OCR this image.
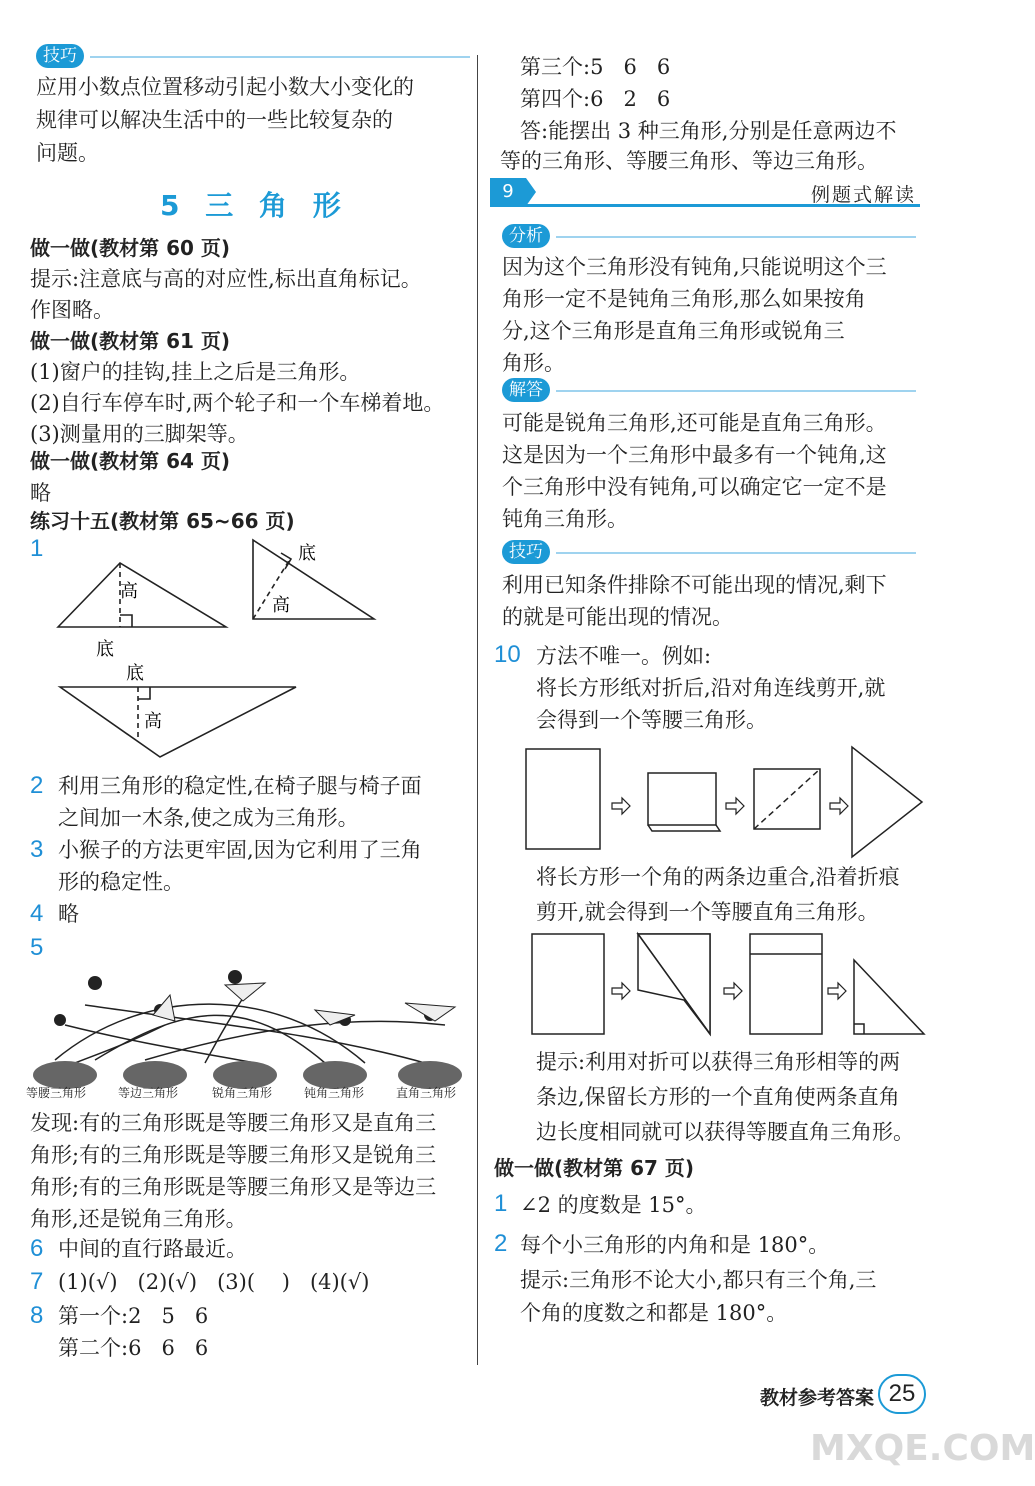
技巧
应用小数点位置移动引起小数大小变化的
规律可以解决生活中的一些比较复杂的
问题。
5 三 角 形
做一做(教材第 60 页)
提示:注意底与高的对应性,标出直角标记。
作图略。
做一做(教材第 61 页)
(1)窗户的挂钩,挂上之后是三角形。
(2)自行车停车时,两个轮子和一个车梯着地。
(3)测量用的三脚架等。
做一做(教材第 64 页)
略
练习十五(教材第 65~66 页)
1
高
底
底
高
底
高
2 利用三角形的稳定性,在椅子腿与椅子面
之间加一木条,使之成为三角形。
3 小猴子的方法更牢固,因为它利用了三角
形的稳定性。
4 略
5
等腰三角形	等边三角形	锐角三角形	钝角三角形	直角三角形
发现:有的三角形既是等腰三角形又是直角三
角形;有的三角形既是等腰三角形又是锐角三
角形;有的三角形既是等腰三角形又是等边三
角形,还是锐角三角形。
6 中间的直行路最近。
7 (1)(√)   (2)(√)   (3)(    )   (4)(√)
8 第一个:2   5   6
第二个:6   6   6
第三个:5   6   6
第四个:6   2   6
答:能摆出 3 种三角形,分别是任意两边不
等的三角形、等腰三角形、等边三角形。
9	例题式解读
分析
因为这个三角形没有钝角,只能说明这个三
角形一定不是钝角三角形,那么如果按角
分,这个三角形是直角三角形或锐角三
角形。
解答
可能是锐角三角形,还可能是直角三角形。
这是因为一个三角形中最多有一个钝角,这
个三角形中没有钝角,可以确定它一定不是
钝角三角形。
技巧
利用已知条件排除不可能出现的情况,剩下
的就是可能出现的情况。
10 方法不唯一。例如:
将长方形纸对折后,沿对角连线剪开,就
会得到一个等腰三角形。
将长方形一个角的两条边重合,沿着折痕
剪开,就会得到一个等腰直角三角形。
提示:利用对折可以获得三角形相等的两
条边,保留长方形的一个直角使两条直角
边长度相同就可以获得等腰直角三角形。
做一做(教材第 67 页)
1 ∠2 的度数是 15°。
2 每个小三角形的内角和是 180°。
提示:三角形不论大小,都只有三个角,三
个角的度数之和都是 180°。
教材参考答案 25
MXQE.COM
